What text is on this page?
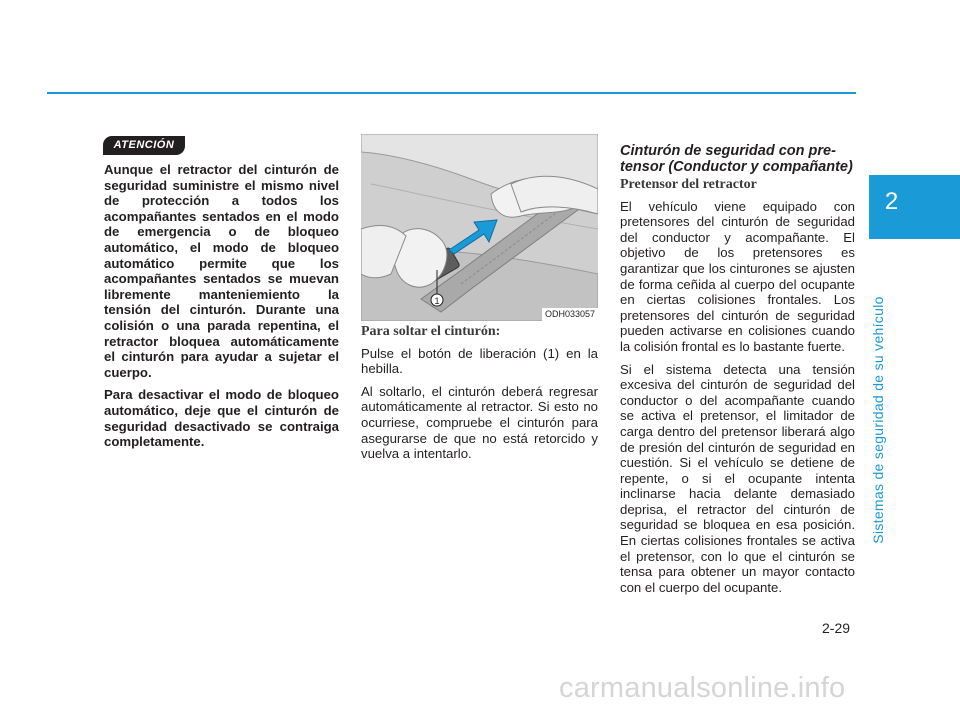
2
Sistemas de seguridad de su vehículo
ATENCIÓN

Aunque el retractor del cinturón de seguridad suministre el mismo nivel de protección a todos los acompañantes sentados en el modo de emergencia o de bloqueo automático, el modo de bloqueo automático permite que los acompañantes sentados se muevan libremente manteniemiento la tensión del cinturón. Durante una colisión o una parada repentina, el retractor bloquea automáticamente el cinturón para ayudar a sujetar el cuerpo.

Para desactivar el modo de bloqueo automático, deje que el cinturón de seguridad desactivado se contraiga completamente.

1
ODH033057
Para soltar el cinturón:

Pulse el botón de liberación (1) en la hebilla.

Al soltarlo, el cinturón deberá regresar automáticamente al retractor. Si esto no ocurriese, compruebe el cinturón para asegurarse de que no está retorcido y vuelva a intentarlo.

Cinturón de seguridad con pre-
tensor (Conductor y compañante)
Pretensor del retractor

El vehículo viene equipado con pretensores del cinturón de seguridad del conductor y acompañante. El objetivo de los pretensores es garantizar que los cinturones se ajusten de forma ceñida al cuerpo del ocupante en ciertas colisiones frontales. Los pretensores del cinturón de seguridad pueden activarse en colisiones cuando la colisión frontal es lo bastante fuerte.

Si el sistema detecta una tensión excesiva del cinturón de seguridad del conductor o del acompañante cuando se activa el pretensor, el limitador de carga dentro del pretensor liberará algo de presión del cinturón de seguridad en cuestión. Si el vehículo se detiene de repente, o si el ocupante intenta inclinarse hacia delante demasiado deprisa, el retractor del cinturón de seguridad se bloquea en esa posición. En ciertas colisiones frontales se activa el pretensor, con lo que el cinturón se tensa para obtener un mayor contacto con el cuerpo del ocupante.

2-29
carmanualsonline.info
